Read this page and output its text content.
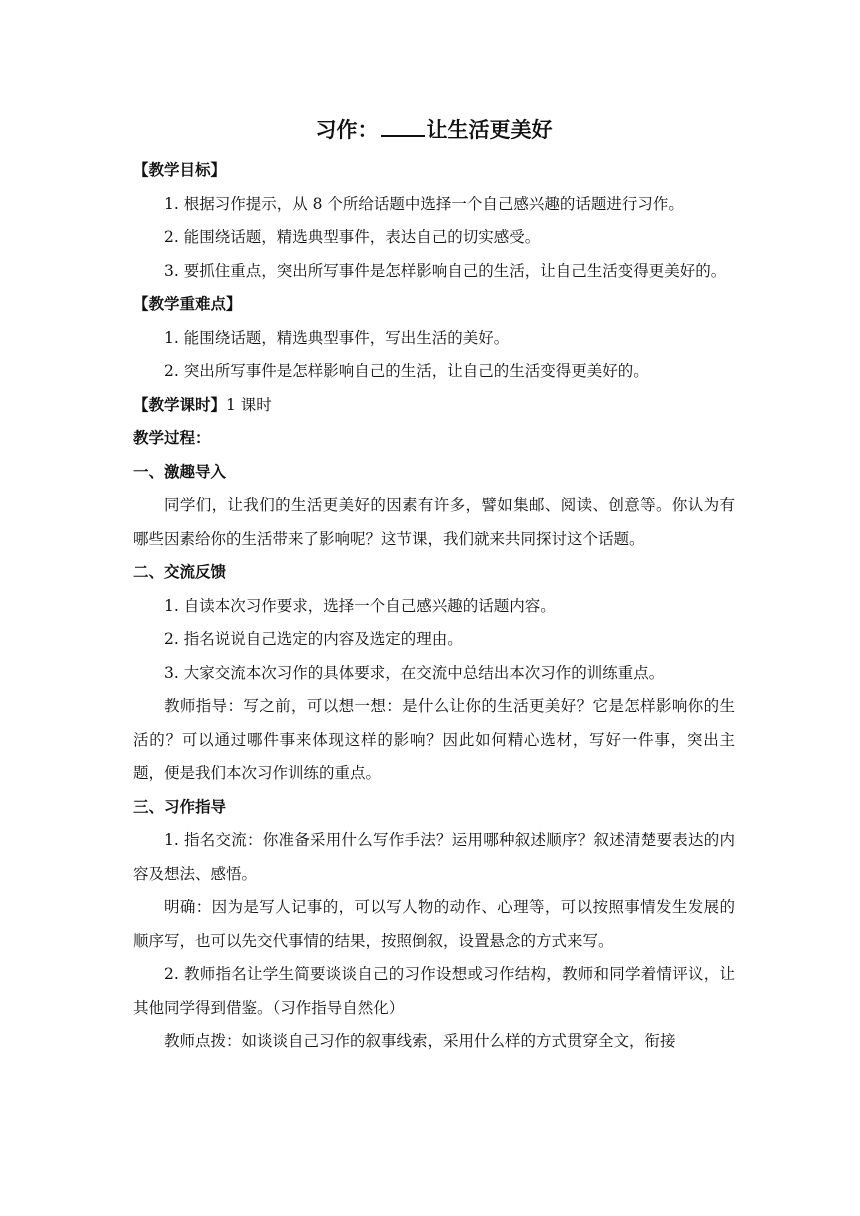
习作： 让生活更美好

【教学目标】

1. 根据习作提示，从 8 个所给话题中选择一个自己感兴趣的话题进行习作。

2. 能围绕话题，精选典型事件，表达自己的切实感受。

3. 要抓住重点，突出所写事件是怎样影响自己的生活，让自己生活变得更美好的。

【教学重难点】

1. 能围绕话题，精选典型事件，写出生活的美好。

2. 突出所写事件是怎样影响自己的生活，让自己的生活变得更美好的。

【教学课时】1 课时

教学过程：

一、激趣导入

同学们，让我们的生活更美好的因素有许多，譬如集邮、阅读、创意等。你认为有哪些因素给你的生活带来了影响呢？这节课，我们就来共同探讨这个话题。

二、交流反馈

1. 自读本次习作要求，选择一个自己感兴趣的话题内容。

2. 指名说说自己选定的内容及选定的理由。

3. 大家交流本次习作的具体要求，在交流中总结出本次习作的训练重点。

教师指导：写之前，可以想一想：是什么让你的生活更美好？它是怎样影响你的生活的？可以通过哪件事来体现这样的影响？因此如何精心选材，写好一件事，突出主题，便是我们本次习作训练的重点。

三、习作指导

1. 指名交流：你准备采用什么写作手法？运用哪种叙述顺序？叙述清楚要表达的内容及想法、感悟。

明确：因为是写人记事的，可以写人物的动作、心理等，可以按照事情发生发展的顺序写，也可以先交代事情的结果，按照倒叙，设置悬念的方式来写。

2. 教师指名让学生简要谈谈自己的习作设想或习作结构，教师和同学着情评议，让其他同学得到借鉴。（习作指导自然化）

教师点拨：如谈谈自己习作的叙事线索，采用什么样的方式贯穿全文，衔接
